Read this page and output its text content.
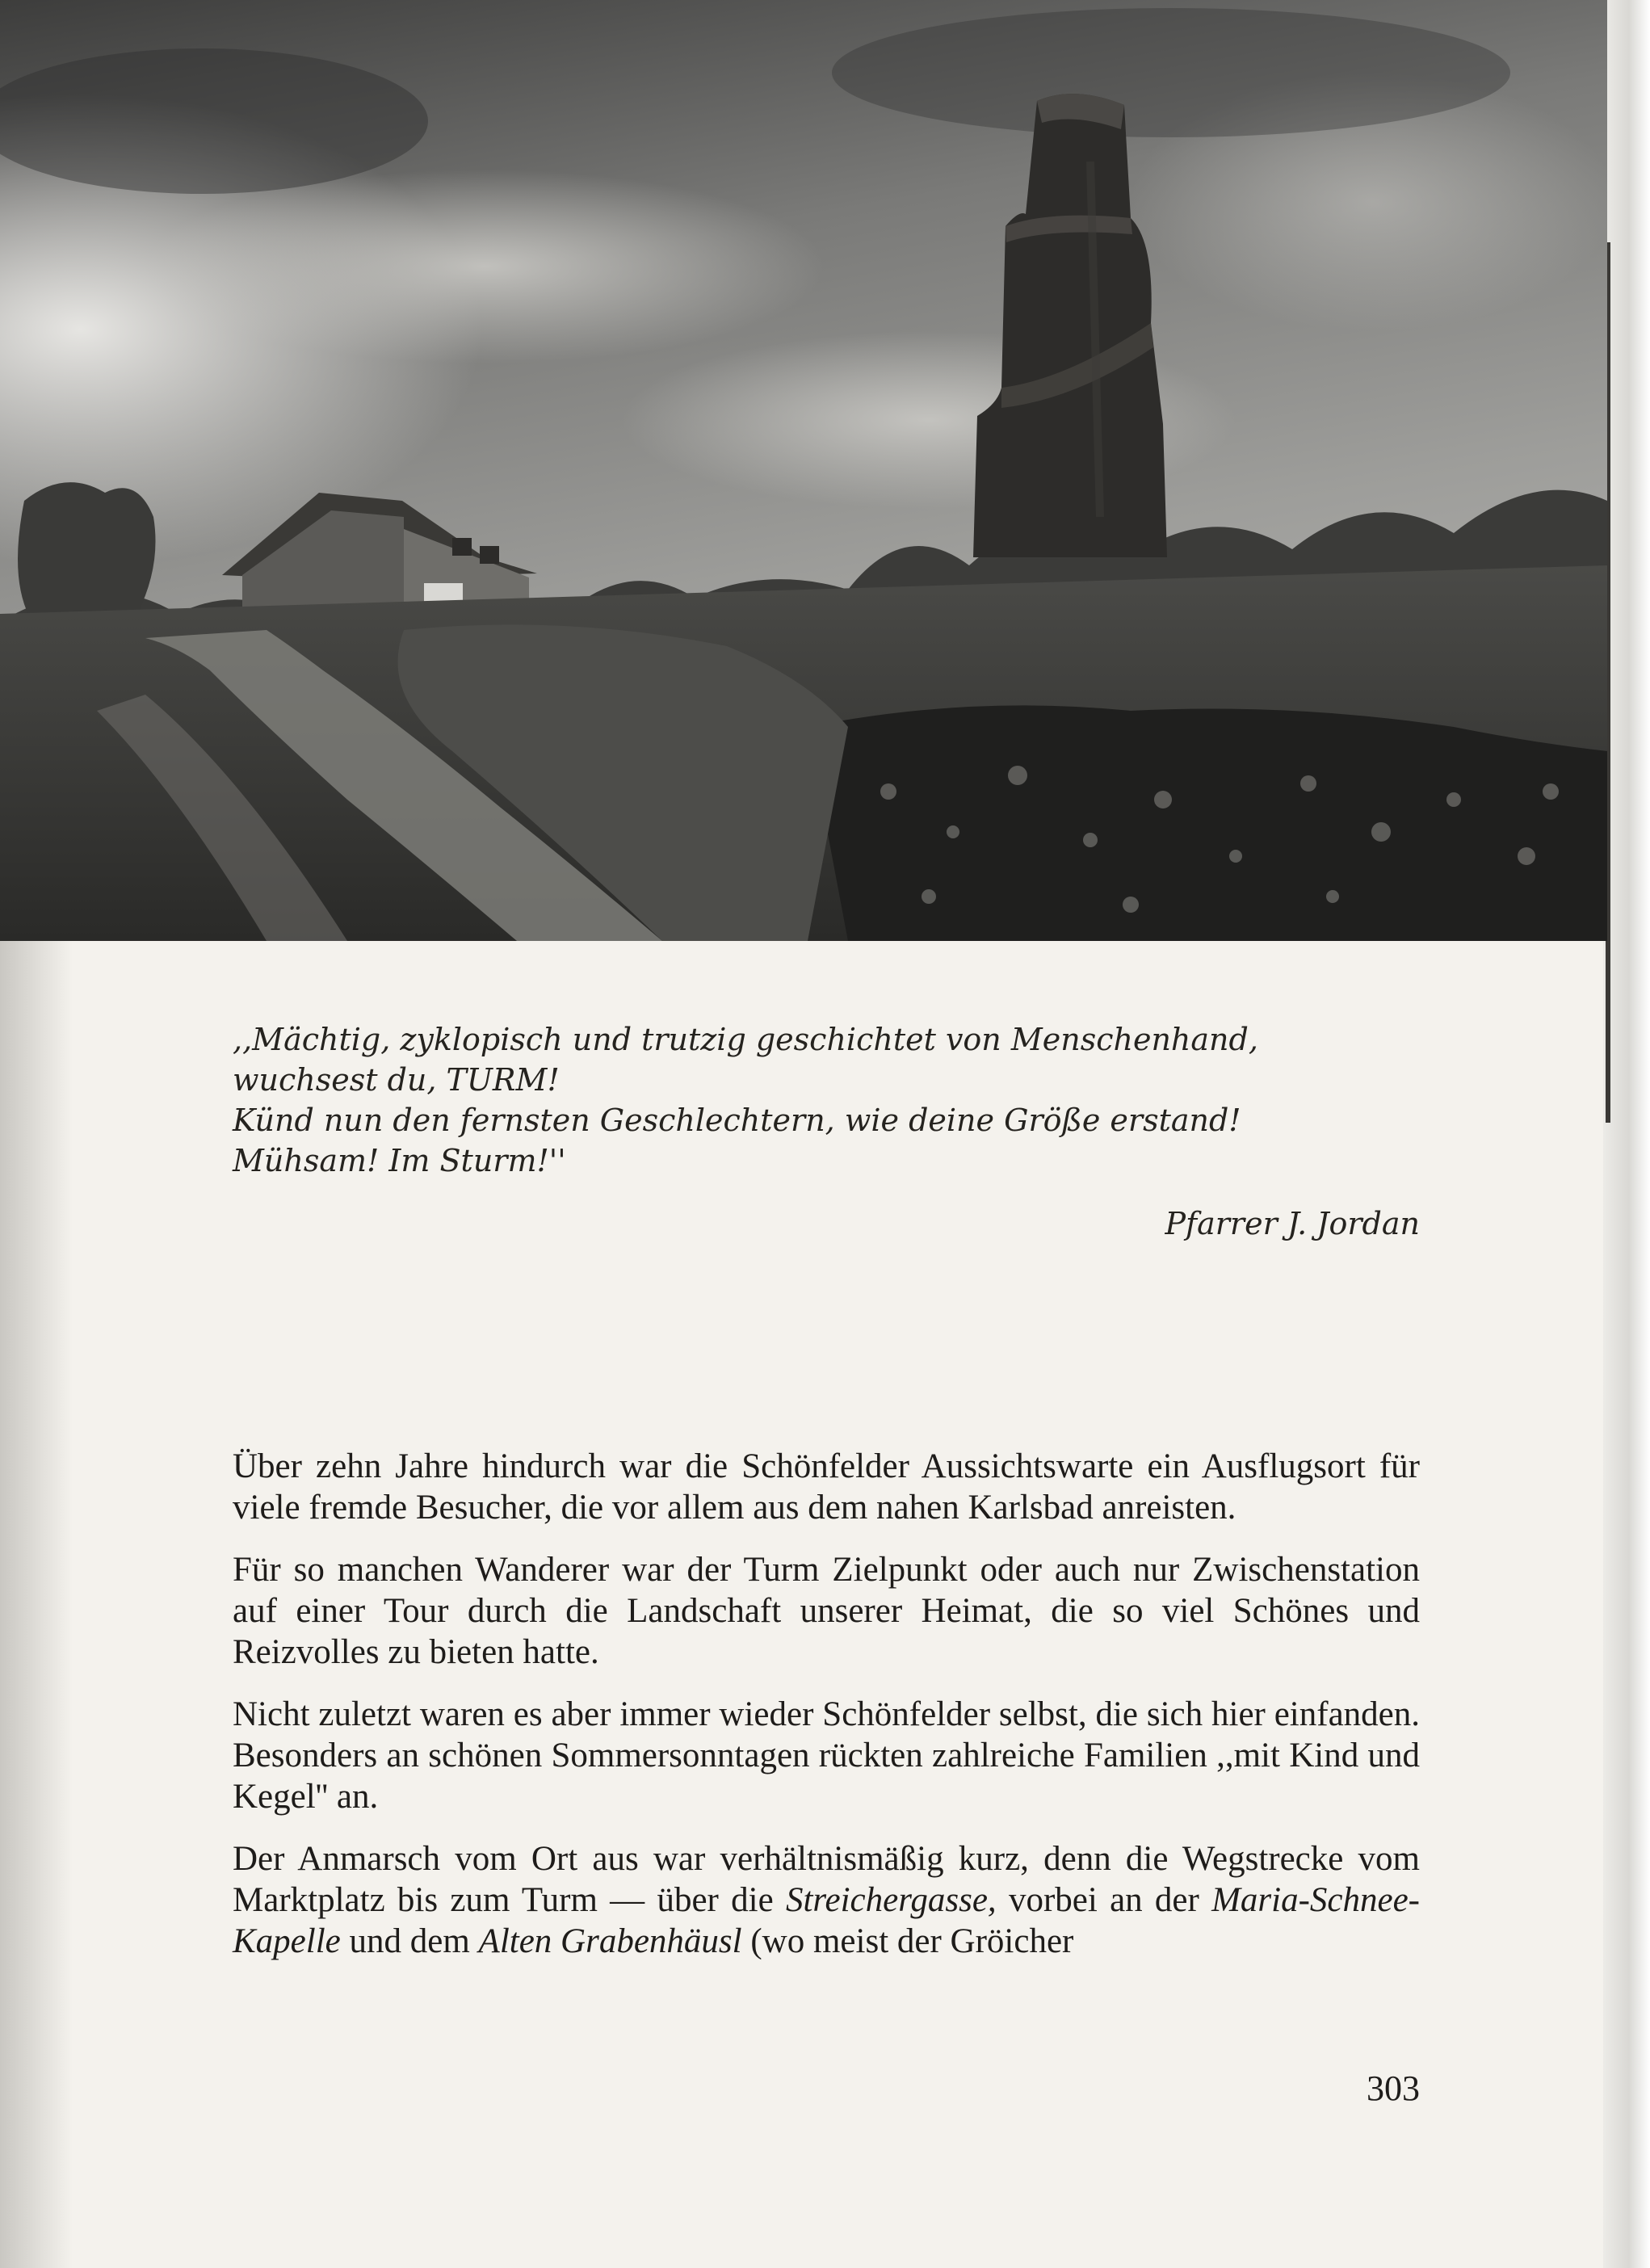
,,Mächtig, zyklopisch und trutzig geschichtet von Menschenhand,
wuchsest du, TURM!
Künd nun den fernsten Geschlechtern, wie deine Größe erstand!
Mühsam! Im Sturm!''
Pfarrer J. Jordan

Über zehn Jahre hindurch war die Schönfelder Aussichtswarte ein Ausflugsort für viele fremde Besucher, die vor allem aus dem nahen Karlsbad anreisten.

Für so manchen Wanderer war der Turm Zielpunkt oder auch nur Zwischenstation auf einer Tour durch die Landschaft unserer Heimat, die so viel Schönes und Reizvolles zu bieten hatte.

Nicht zuletzt waren es aber immer wieder Schönfelder selbst, die sich hier einfanden. Besonders an schönen Sommersonntagen rückten zahlreiche Familien ,,mit Kind und Kegel'' an.

Der Anmarsch vom Ort aus war verhältnismäßig kurz, denn die Wegstrecke vom Marktplatz bis zum Turm — über die Streichergasse, vorbei an der Maria-Schnee-Kapelle und dem Alten Grabenhäusl (wo meist der Gröicher

303
